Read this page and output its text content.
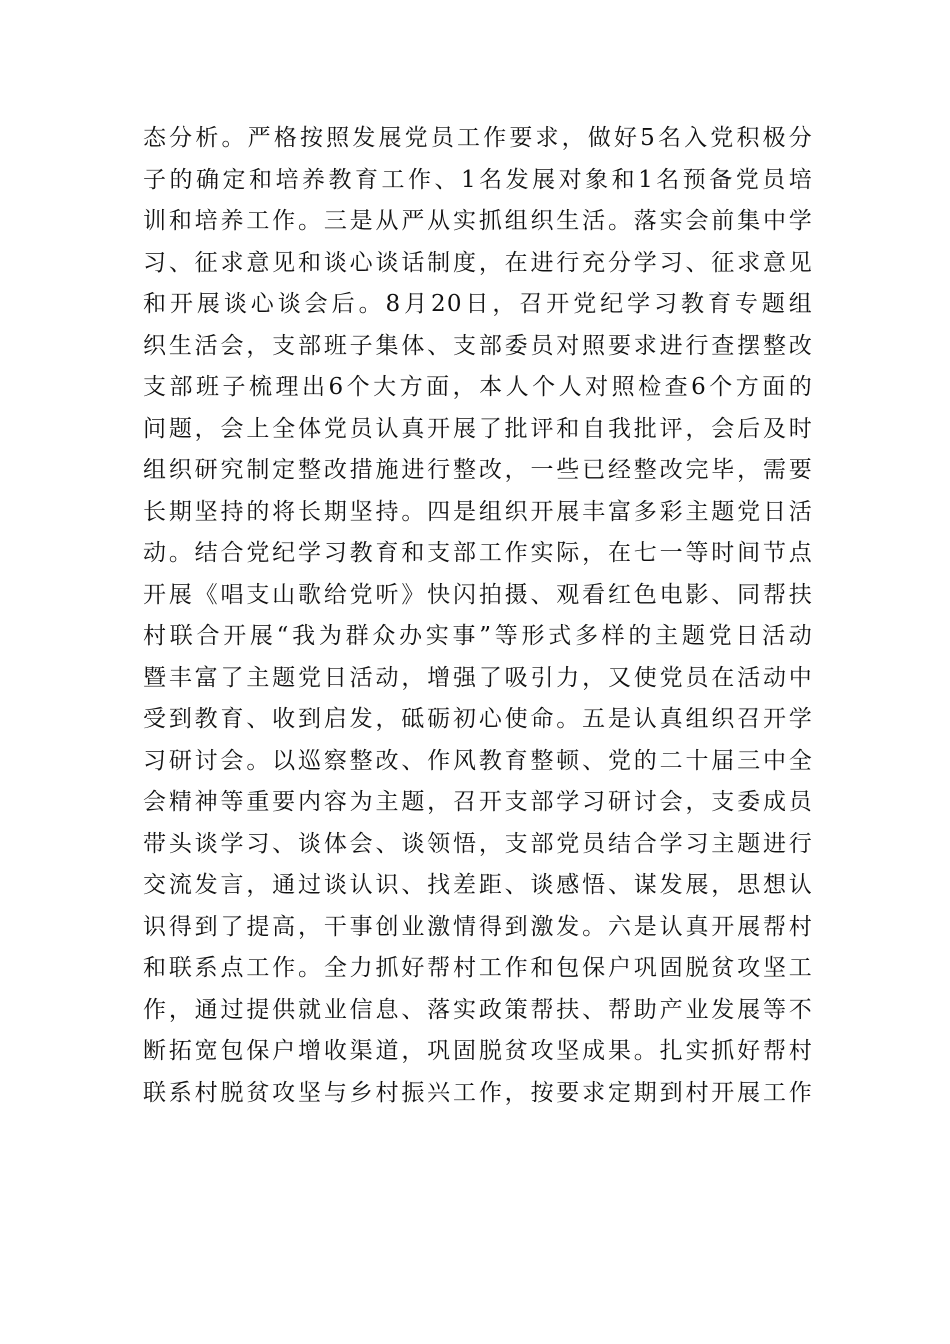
态分析。严格按照发展党员工作要求，做好5名入党积极分
子的确定和培养教育工作、1名发展对象和1名预备党员培
训和培养工作。三是从严从实抓组织生活。落实会前集中学
习、征求意见和谈心谈话制度，在进行充分学习、征求意见
和开展谈心谈会后。8月20日，召开党纪学习教育专题组
织生活会，支部班子集体、支部委员对照要求进行查摆整改
支部班子梳理出6个大方面，本人个人对照检查6个方面的
问题，会上全体党员认真开展了批评和自我批评，会后及时
组织研究制定整改措施进行整改，一些已经整改完毕，需要
长期坚持的将长期坚持。四是组织开展丰富多彩主题党日活
动。结合党纪学习教育和支部工作实际，在七一等时间节点
开展《唱支山歌给党听》快闪拍摄、观看红色电影、同帮扶
村联合开展“我为群众办实事”等形式多样的主题党日活动
暨丰富了主题党日活动，增强了吸引力，又使党员在活动中
受到教育、收到启发，砥砺初心使命。五是认真组织召开学
习研讨会。以巡察整改、作风教育整顿、党的二十届三中全
会精神等重要内容为主题，召开支部学习研讨会，支委成员
带头谈学习、谈体会、谈领悟，支部党员结合学习主题进行
交流发言，通过谈认识、找差距、谈感悟、谋发展，思想认
识得到了提高，干事创业激情得到激发。六是认真开展帮村
和联系点工作。全力抓好帮村工作和包保户巩固脱贫攻坚工
作，通过提供就业信息、落实政策帮扶、帮助产业发展等不
断拓宽包保户增收渠道，巩固脱贫攻坚成果。扎实抓好帮村
联系村脱贫攻坚与乡村振兴工作，按要求定期到村开展工作
